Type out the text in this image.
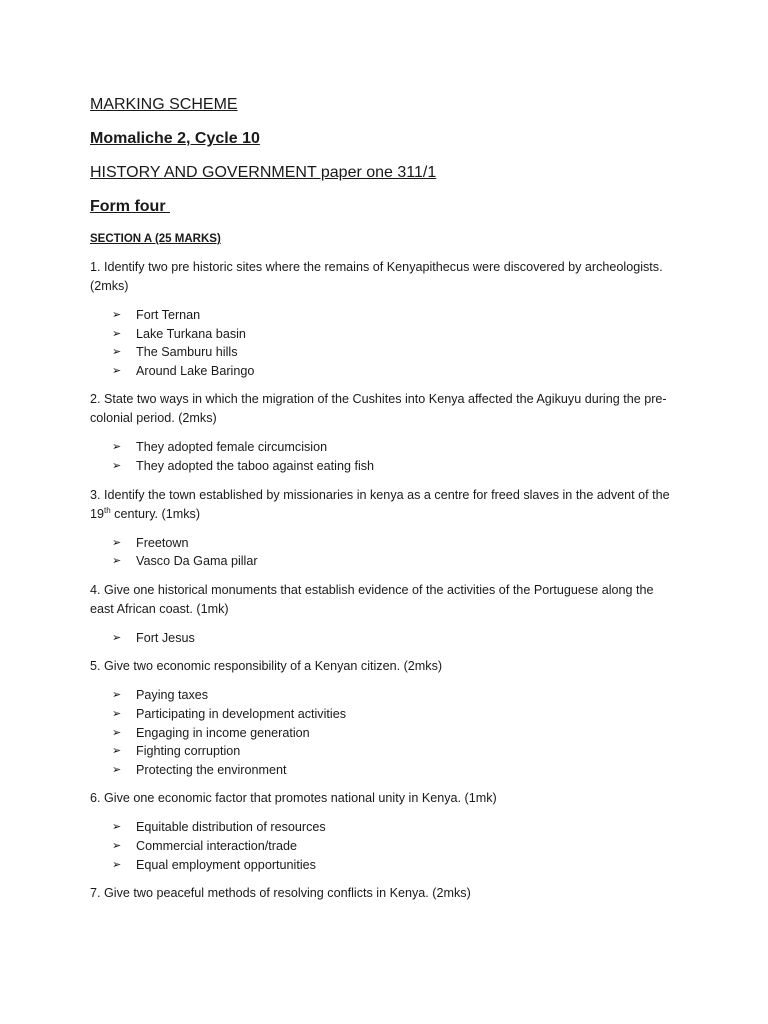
MARKING SCHEME
Momaliche 2, Cycle 10
HISTORY AND GOVERNMENT paper one 311/1
Form four
SECTION A (25 MARKS)

1. Identify two pre historic sites where the remains of Kenyapithecus were discovered by archeologists. (2mks)

➢	Fort Ternan
➢	Lake Turkana basin
➢	The Samburu hills
➢	Around Lake Baringo

2. State two ways in which the migration of the Cushites into Kenya affected the Agikuyu during the pre-colonial period. (2mks)

➢	They adopted female circumcision
➢	They adopted the taboo against eating fish

3. Identify the town established by missionaries in kenya as a centre for freed slaves in the advent of the 19th century. (1mks)

➢	Freetown
➢	Vasco Da Gama pillar

4. Give one historical monuments that establish evidence of the activities of the Portuguese along the east African coast. (1mk)

➢	Fort Jesus

5. Give two economic responsibility of a Kenyan citizen. (2mks)

➢	Paying taxes
➢	Participating in development activities
➢	Engaging in income generation
➢	Fighting corruption
➢	Protecting the environment

6. Give one economic factor that promotes national unity in Kenya. (1mk)

➢	Equitable distribution of resources
➢	Commercial interaction/trade
➢	Equal employment opportunities

7. Give two peaceful methods of resolving conflicts in Kenya. (2mks)
